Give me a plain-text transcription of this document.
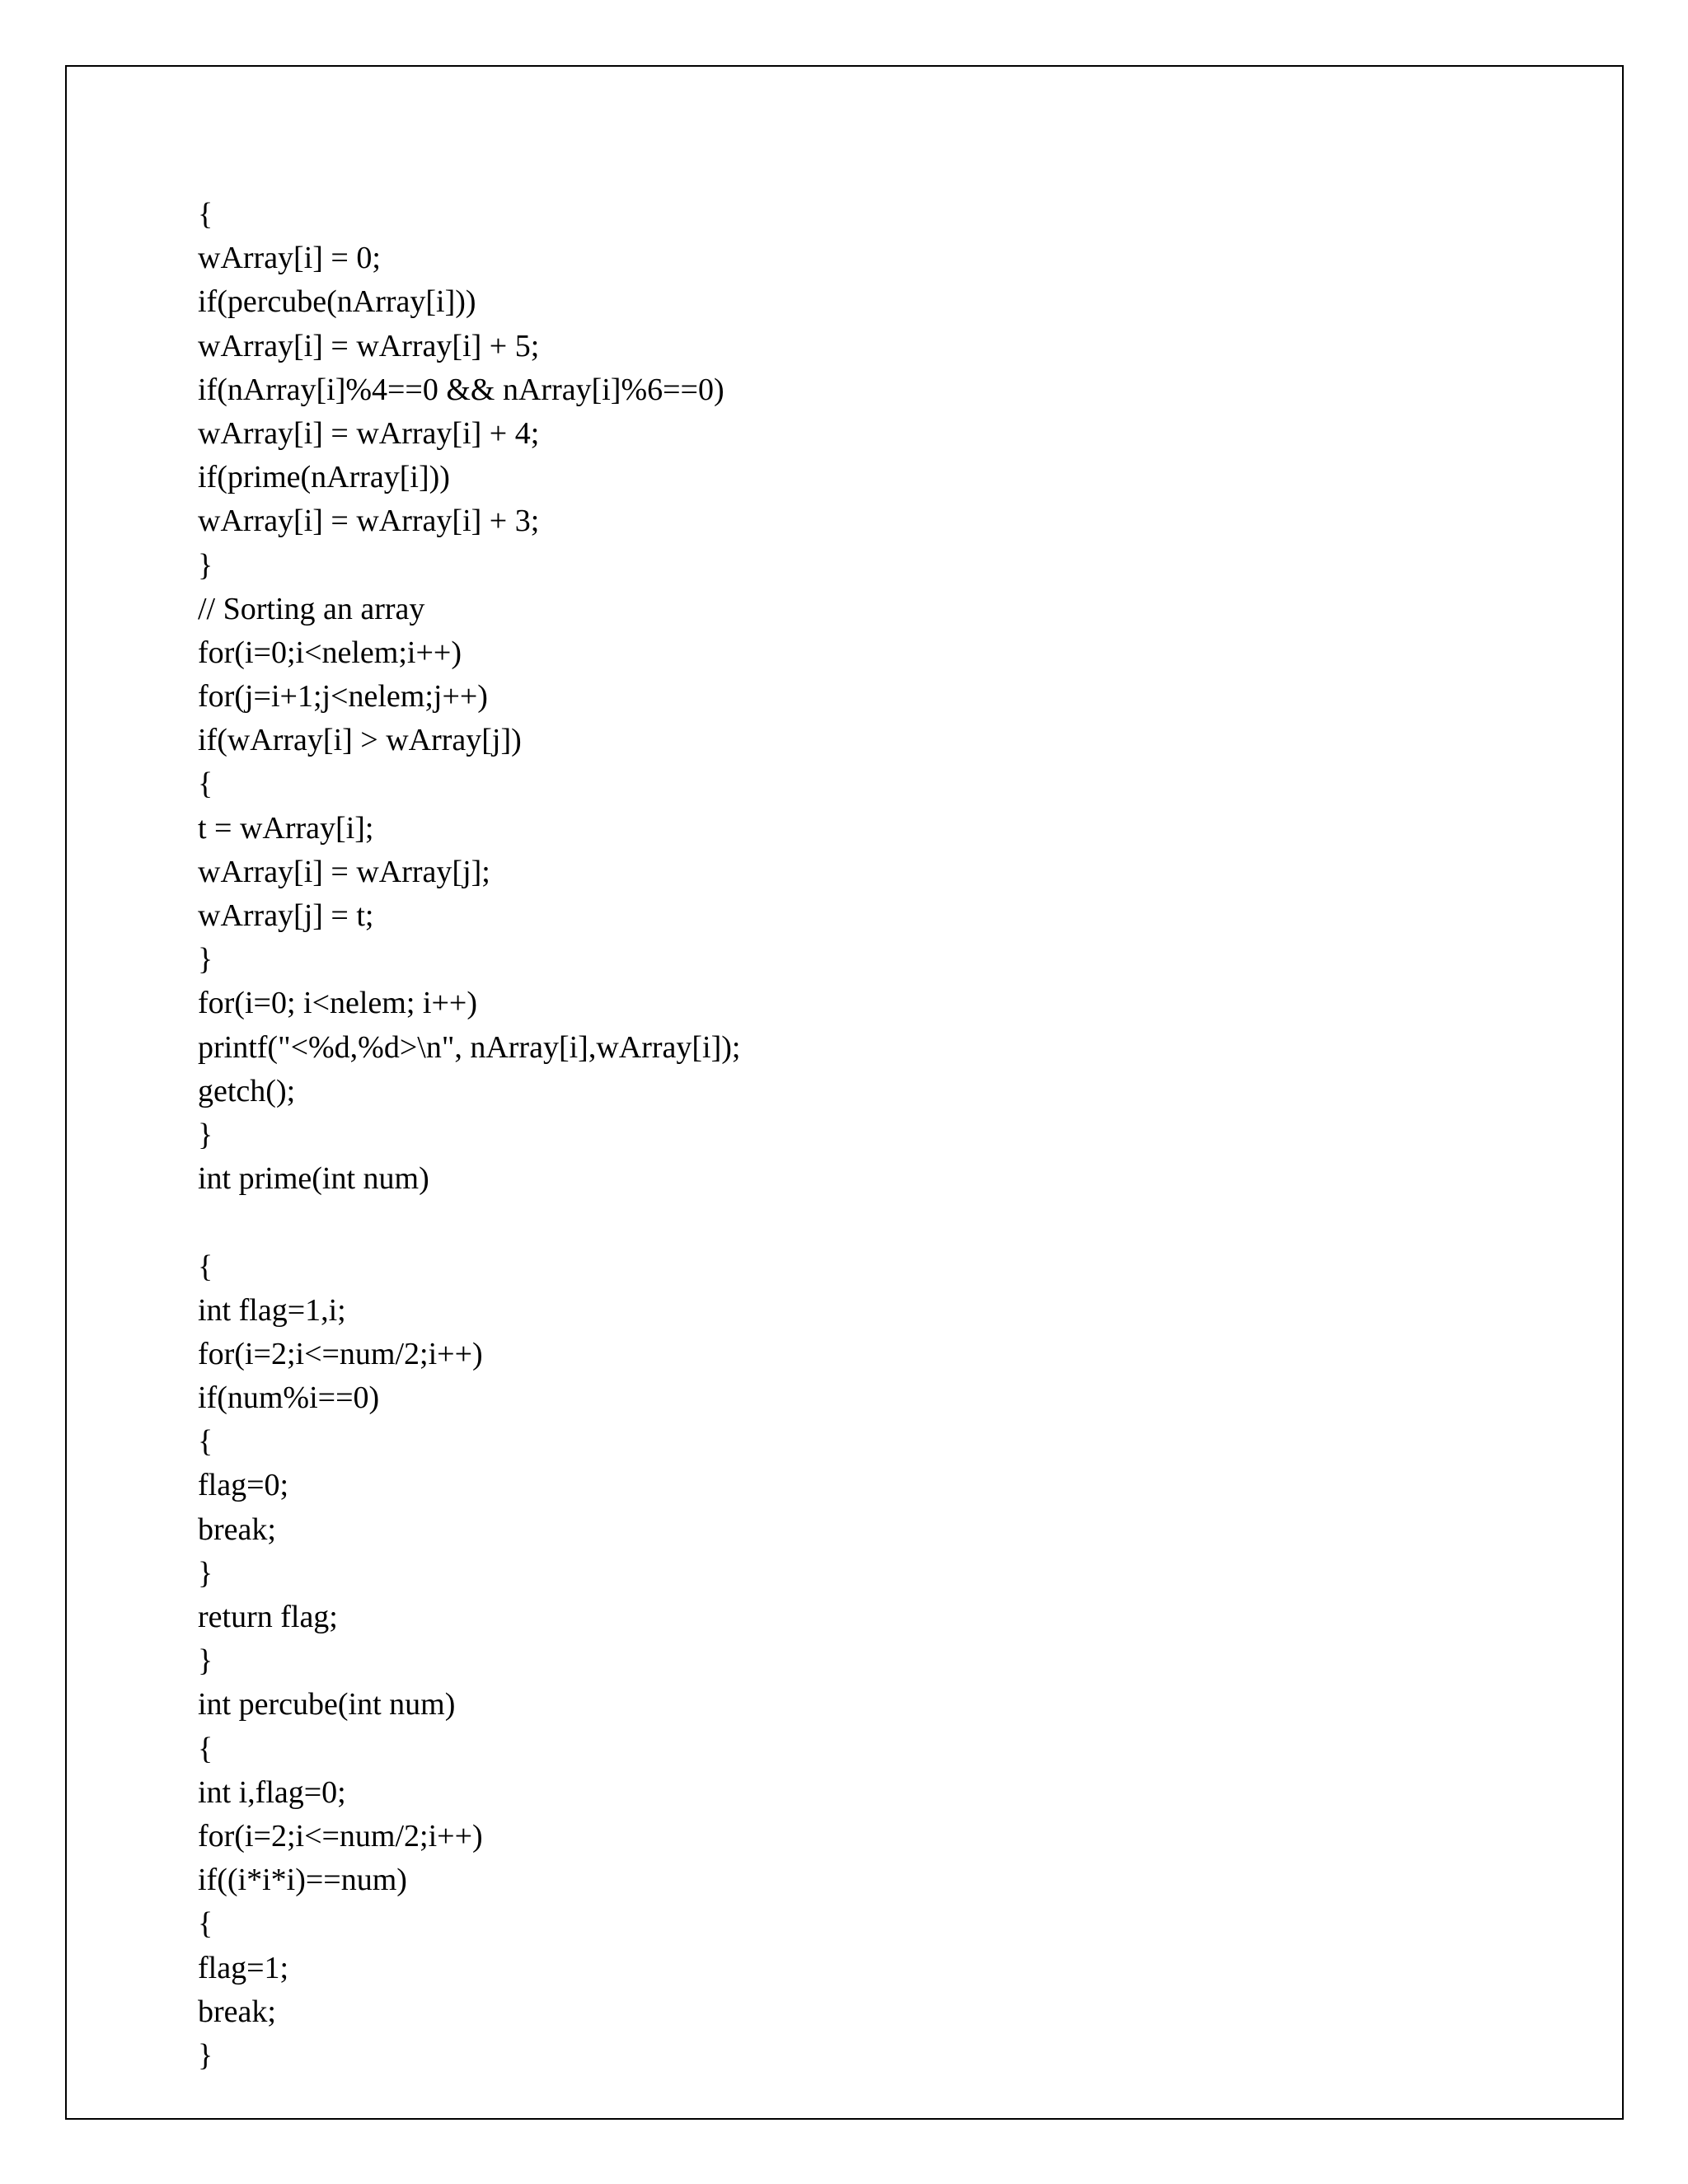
{
wArray[i] = 0;
if(percube(nArray[i]))
wArray[i] = wArray[i] + 5;
if(nArray[i]%4==0 && nArray[i]%6==0)
wArray[i] = wArray[i] + 4;
if(prime(nArray[i]))
wArray[i] = wArray[i] + 3;
}
// Sorting an array
for(i=0;i<nelem;i++)
for(j=i+1;j<nelem;j++)
if(wArray[i] > wArray[j])
{
t = wArray[i];
wArray[i] = wArray[j];
wArray[j] = t;
}
for(i=0; i<nelem; i++)
printf("<%d,%d>\n", nArray[i],wArray[i]);
getch();
}
int prime(int num)
{
int flag=1,i;
for(i=2;i<=num/2;i++)
if(num%i==0)
{
flag=0;
break;
}
return flag;
}
int percube(int num)
{
int i,flag=0;
for(i=2;i<=num/2;i++)
if((i*i*i)==num)
{
flag=1;
break;
}
